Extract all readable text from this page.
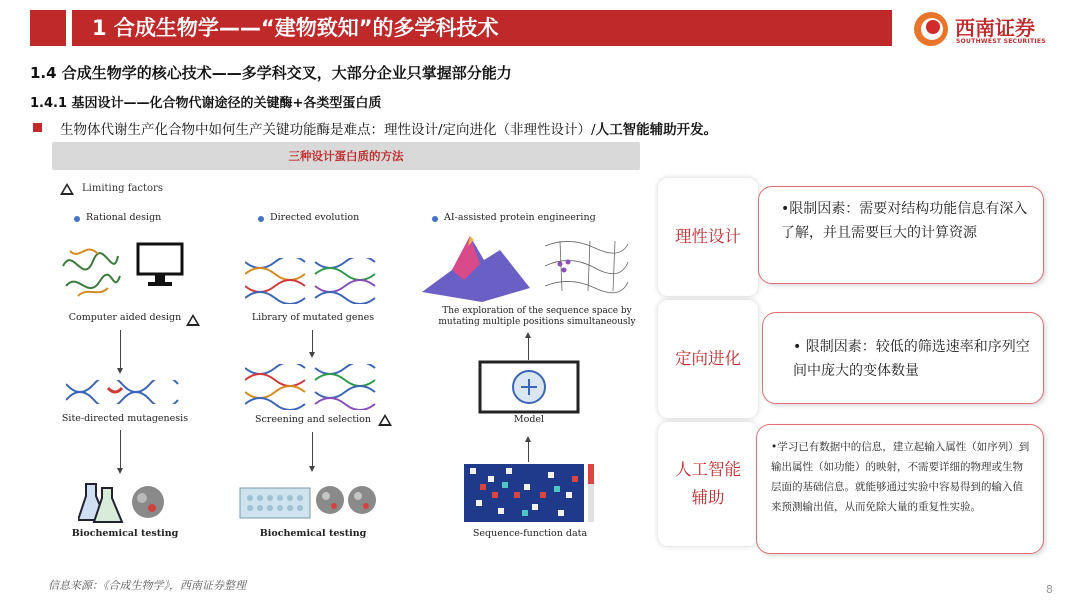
1 合成生物学——“建物致知”的多学科技术	西南证券
SOUTHWEST SECURITIES
1.4 合成生物学的核心技术——多学科交叉，大部分企业只掌握部分能力
1.4.1 基因设计——化合物代谢途径的关键酶+各类型蛋白质
生物体代谢生产化合物中如何生产关键功能酶是难点：理性设计/定向进化（非理性设计）/人工智能辅助开发。
三种设计蛋白质的方法
Limiting factors
Rational design
Computer aided design
Site-directed mutagenesis
Biochemical testing
Directed evolution
Library of mutated genes
Screening and selection
Biochemical testing
AI-assisted protein engineering
The exploration of the sequence space by
mutating multiple positions simultaneously
Model
Sequence-function data
理性设计
•限制因素：需要对结构功能信息有深入了解，并且需要巨大的计算资源
定向进化
• 限制因素：较低的筛选速率和序列空间中庞大的变体数量
人工智能
辅助
•学习已有数据中的信息，建立起输入属性（如序列）到输出属性（如功能）的映射，不需要详细的物理或生物层面的基础信息。就能够通过实验中容易得到的输入值来预测输出值，从而免除大量的重复性实验。
信息来源：《合成生物学》，西南证券整理	8
